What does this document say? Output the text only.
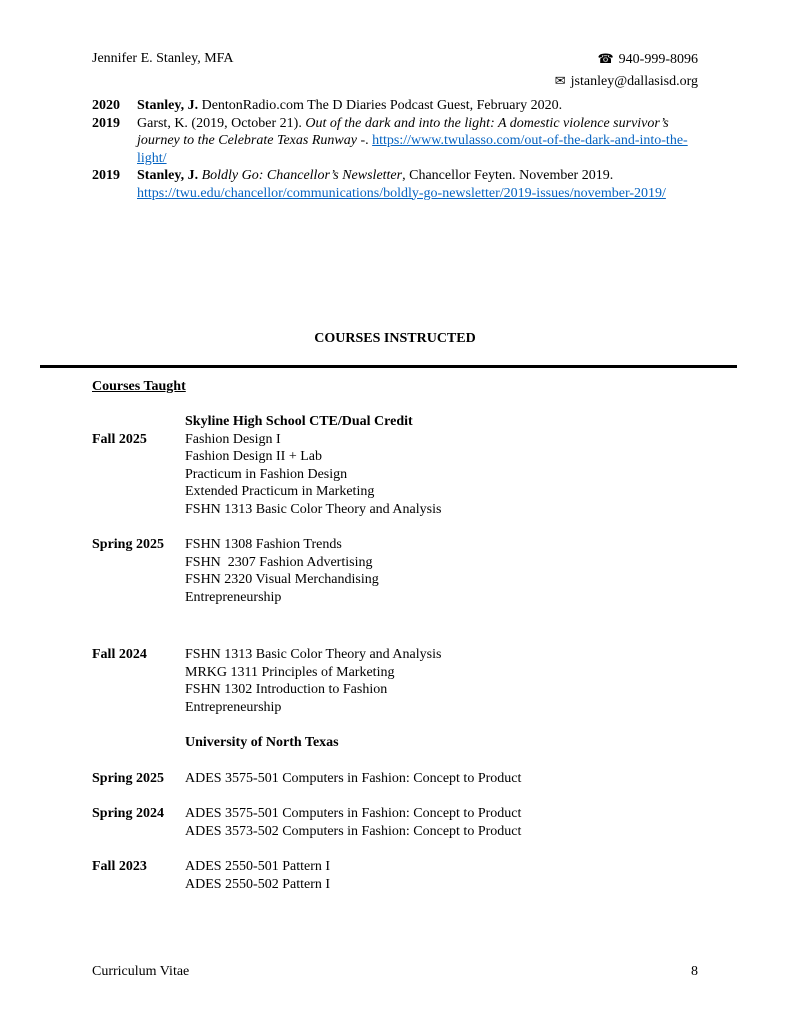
Jennifer E. Stanley, MFA	☎ 940-999-8096
✉ jstanley@dallasisd.org
2020	Stanley, J. DentonRadio.com The D Diaries Podcast Guest, February 2020.

2019	Garst, K. (2019, October 21). Out of the dark and into the light: A domestic violence survivor’s journey to the Celebrate Texas Runway -. https://www.twulasso.com/out-of-the-dark-and-into-the-light/

2019	Stanley, J. Boldly Go: Chancellor’s Newsletter, Chancellor Feyten. November 2019. https://twu.edu/chancellor/communications/boldly-go-newsletter/2019-issues/november-2019/

COURSES INSTRUCTED
Courses Taught
Skyline High School CTE/Dual Credit
Fall 2025	Fashion Design I
Fashion Design II + Lab
Practicum in Fashion Design
Extended Practicum in Marketing
FSHN 1313 Basic Color Theory and Analysis
Spring 2025	FSHN 1308 Fashion Trends
FSHN  2307 Fashion Advertising
FSHN 2320 Visual Merchandising
Entrepreneurship
Fall 2024	FSHN 1313 Basic Color Theory and Analysis
MRKG 1311 Principles of Marketing
FSHN 1302 Introduction to Fashion
Entrepreneurship
University of North Texas
Spring 2025	ADES 3575-501 Computers in Fashion: Concept to Product
Spring 2024	ADES 3575-501 Computers in Fashion: Concept to Product
ADES 3573-502 Computers in Fashion: Concept to Product
Fall 2023	ADES 2550-501 Pattern I
ADES 2550-502 Pattern I
Curriculum Vitae	8
